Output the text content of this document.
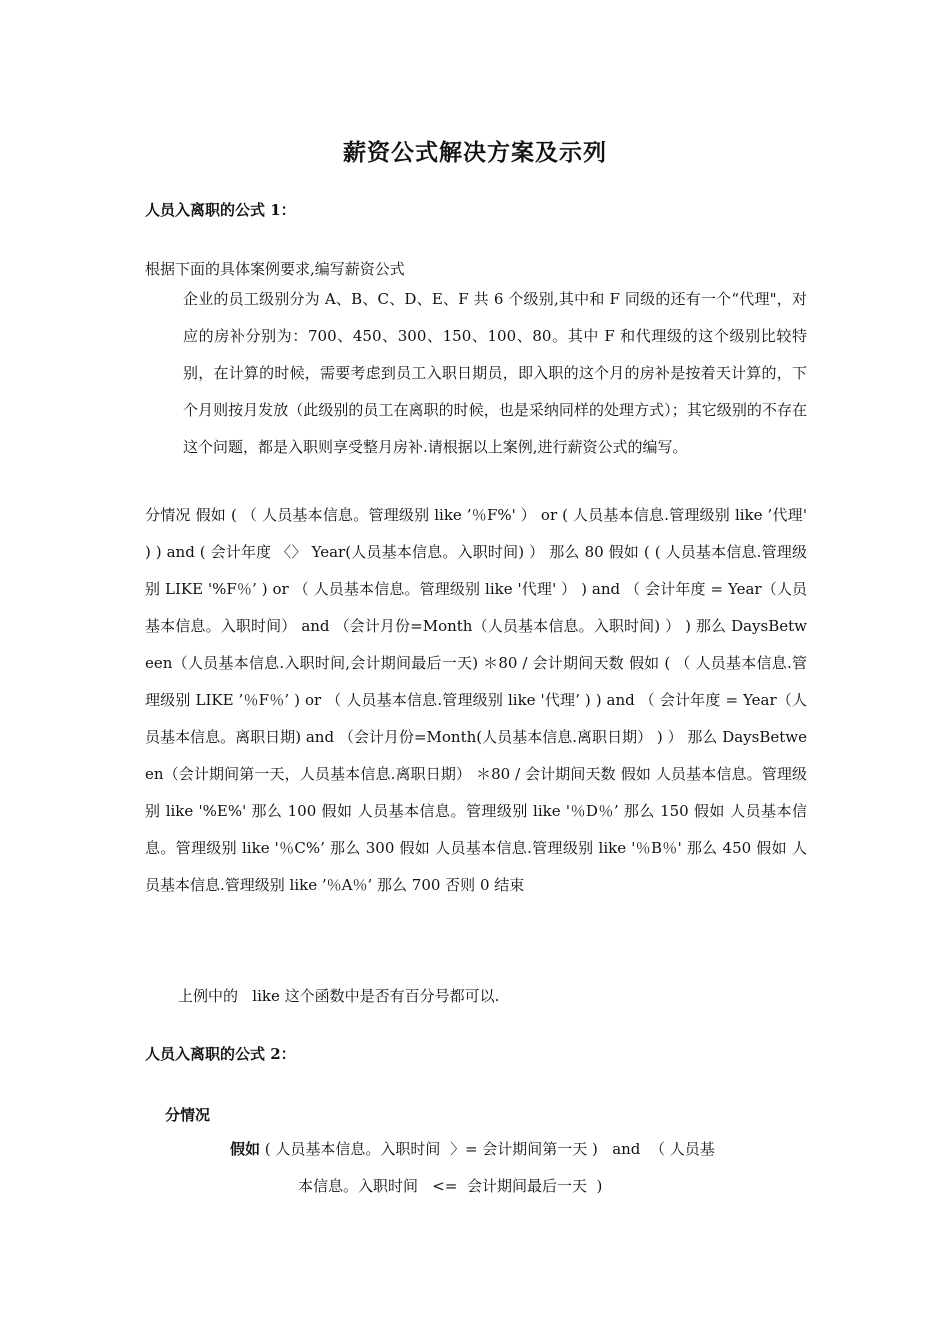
薪资公式解决方案及示列
人员入离职的公式 1：
根据下面的具体案例要求,编写薪资公式
企业的员工级别分为 A、B、C、D、E、F 共 6 个级别,其中和 F 同级的还有一个“代理"，对应的房补分别为：700、450、300、150、100、80。其中 F 和代理级的这个级别比较特别，在计算的时候，需要考虑到员工入职日期员，即入职的这个月的房补是按着天计算的，下个月则按月发放（此级别的员工在离职的时候，也是采纳同样的处理方式）；其它级别的不存在这个问题，都是入职则享受整月房补.请根据以上案例,进行薪资公式的编写。
分情况 假如 ( （ 人员基本信息。管理级别 like ’％F%' ） or ( 人员基本信息.管理级别 like ’代理' ) ) and ( 会计年度 〈〉 Year(人员基本信息。入职时间) ） 那么 80 假如 ( ( 人员基本信息.管理级别 LIKE '%F％’ ) or （ 人员基本信息。管理级别 like '代理' ） ) and （ 会计年度 = Year（人员基本信息。入职时间） and （会计月份=Month（人员基本信息。入职时间) ） ) 那么 DaysBetween（人员基本信息.入职时间,会计期间最后一天) ＊80 / 会计期间天数 假如 ( （ 人员基本信息.管理级别 LIKE ’％F％’ ) or （ 人员基本信息.管理级别 like '代理’ ) ) and （ 会计年度 = Year（人员基本信息。离职日期) and （会计月份=Month(人员基本信息.离职日期） ) ） 那么 DaysBetween（会计期间第一天，人员基本信息.离职日期） ＊80 / 会计期间天数 假如 人员基本信息。管理级别 like '%E%' 那么 100 假如 人员基本信息。管理级别 like '％D％’ 那么 150 假如 人员基本信息。管理级别 like '％C%’ 那么 300 假如 人员基本信息.管理级别 like '％B％' 那么 450 假如 人员基本信息.管理级别 like ’％A％’ 那么 700 否则 0 结束
上例中的   like 这个函数中是否有百分号都可以.
人员入离职的公式 2：
分情况
假如 ( 人员基本信息。入职时间  〉= 会计期间第一天 )   and  （ 人员基
本信息。入职时间   <=  会计期间最后一天  )
